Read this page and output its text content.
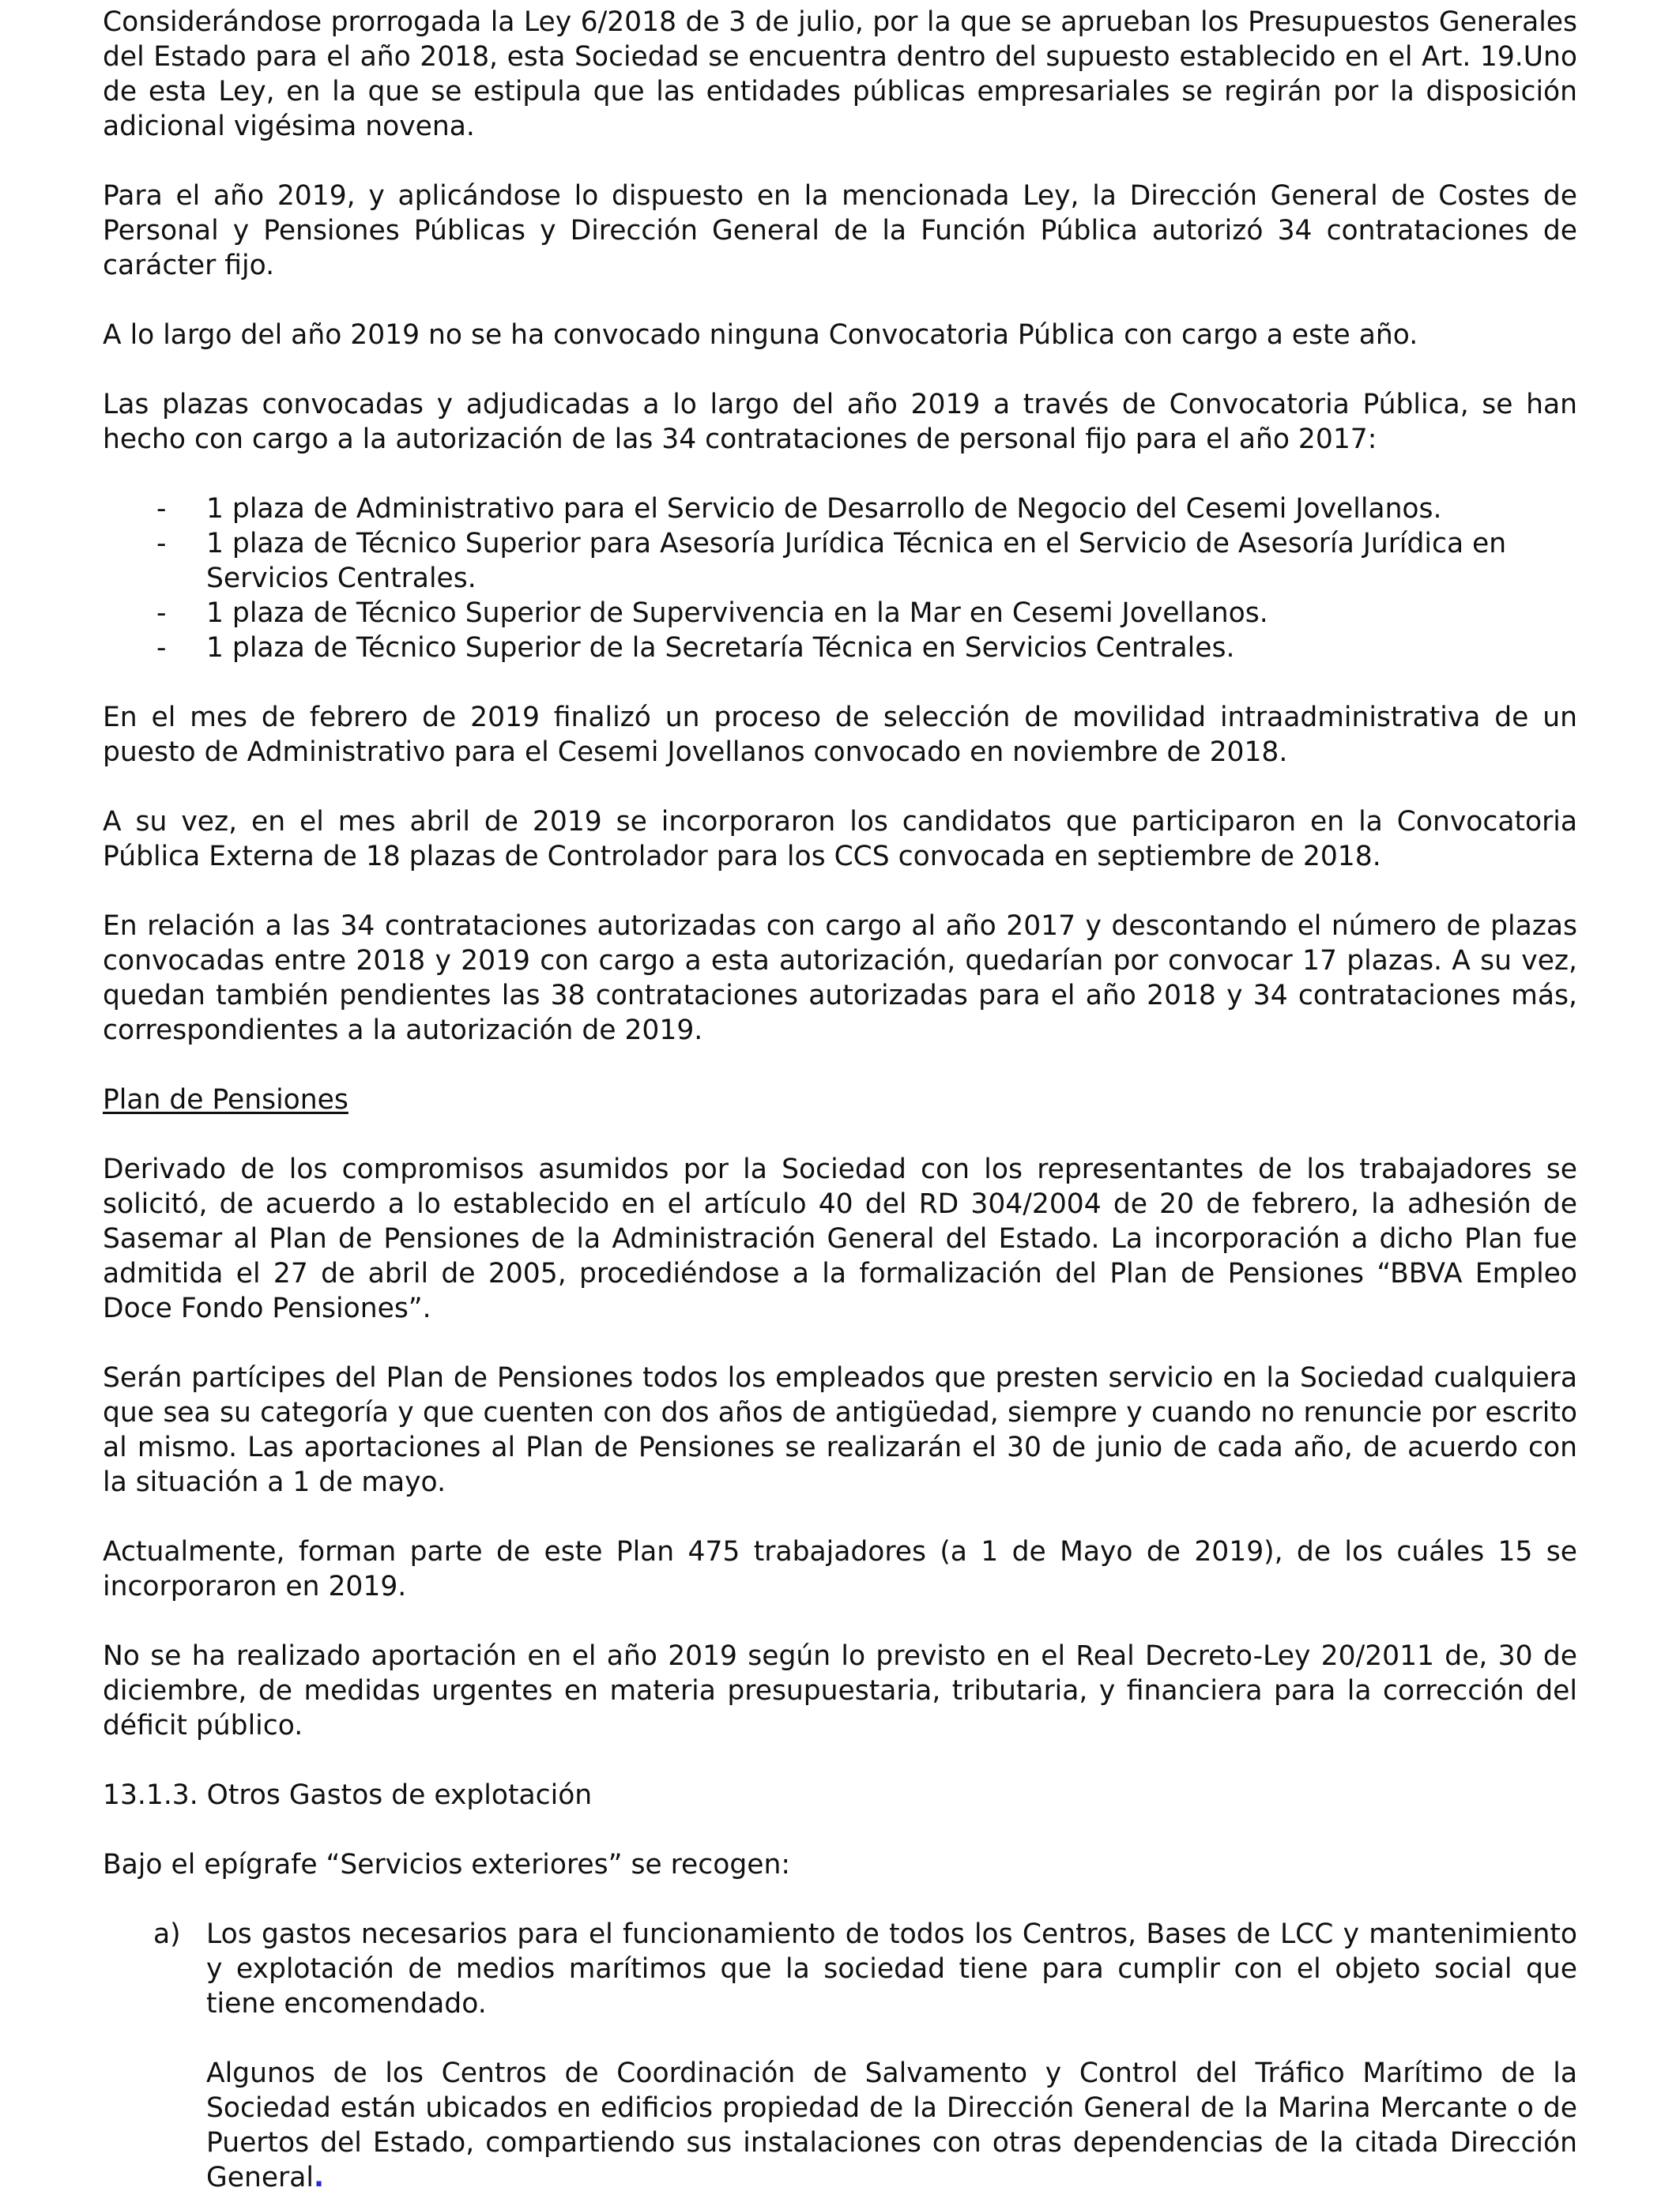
Considerándose prorrogada la Ley 6/2018 de 3 de julio, por la que se aprueban los Presupuestos Generales del Estado para el año 2018, esta Sociedad se encuentra dentro del supuesto establecido en el Art. 19.Uno de esta Ley, en la que se estipula que las entidades públicas empresariales se regirán por la disposición adicional vigésima novena.

Para el año 2019, y aplicándose lo dispuesto en la mencionada Ley, la Dirección General de Costes de Personal y Pensiones Públicas y Dirección General de la Función Pública autorizó 34 contrataciones de carácter fijo.

A lo largo del año 2019 no se ha convocado ninguna Convocatoria Pública con cargo a este año.

Las plazas convocadas y adjudicadas a lo largo del año 2019 a través de Convocatoria Pública, se han hecho con cargo a la autorización de las 34 contrataciones de personal fijo para el año 2017:

- 1 plaza de Administrativo para el Servicio de Desarrollo de Negocio del Cesemi Jovellanos.
- 1 plaza de Técnico Superior para Asesoría Jurídica Técnica en el Servicio de Asesoría Jurídica en Servicios Centrales.
- 1 plaza de Técnico Superior de Supervivencia en la Mar en Cesemi Jovellanos.
- 1 plaza de Técnico Superior de la Secretaría Técnica en Servicios Centrales.

En el mes de febrero de 2019 finalizó un proceso de selección de movilidad intraadministrativa de un puesto de Administrativo para el Cesemi Jovellanos convocado en noviembre de 2018.

A su vez, en el mes abril de 2019 se incorporaron los candidatos que participaron en la Convocatoria Pública Externa de 18 plazas de Controlador para los CCS convocada en septiembre de 2018.

En relación a las 34 contrataciones autorizadas con cargo al año 2017 y descontando el número de plazas convocadas entre 2018 y 2019 con cargo a esta autorización, quedarían por convocar 17 plazas. A su vez, quedan también pendientes las 38 contrataciones autorizadas para el año 2018 y 34 contrataciones más, correspondientes a la autorización de 2019.

Plan de Pensiones

Derivado de los compromisos asumidos por la Sociedad con los representantes de los trabajadores se solicitó, de acuerdo a lo establecido en el artículo 40 del RD 304/2004 de 20 de febrero, la adhesión de Sasemar al Plan de Pensiones de la Administración General del Estado. La incorporación a dicho Plan fue admitida el 27 de abril de 2005, procediéndose a la formalización del Plan de Pensiones “BBVA Empleo Doce Fondo Pensiones”.

Serán partícipes del Plan de Pensiones todos los empleados que presten servicio en la Sociedad cualquiera que sea su categoría y que cuenten con dos años de antigüedad, siempre y cuando no renuncie por escrito al mismo. Las aportaciones al Plan de Pensiones se realizarán el 30 de junio de cada año, de acuerdo con la situación a 1 de mayo.

Actualmente, forman parte de este Plan 475 trabajadores (a 1 de Mayo de 2019), de los cuáles 15 se incorporaron en 2019.

No se ha realizado aportación en el año 2019 según lo previsto en el Real Decreto-Ley 20/2011 de, 30 de diciembre, de medidas urgentes en materia presupuestaria, tributaria, y financiera para la corrección del déficit público.

13.1.3. Otros Gastos de explotación

Bajo el epígrafe “Servicios exteriores” se recogen:

a) Los gastos necesarios para el funcionamiento de todos los Centros, Bases de LCC y mantenimiento y explotación de medios marítimos que la sociedad tiene para cumplir con el objeto social que tiene encomendado.
Algunos de los Centros de Coordinación de Salvamento y Control del Tráfico Marítimo de la Sociedad están ubicados en edificios propiedad de la Dirección General de la Marina Mercante o de Puertos del Estado, compartiendo sus instalaciones con otras dependencias de la citada Dirección General.
